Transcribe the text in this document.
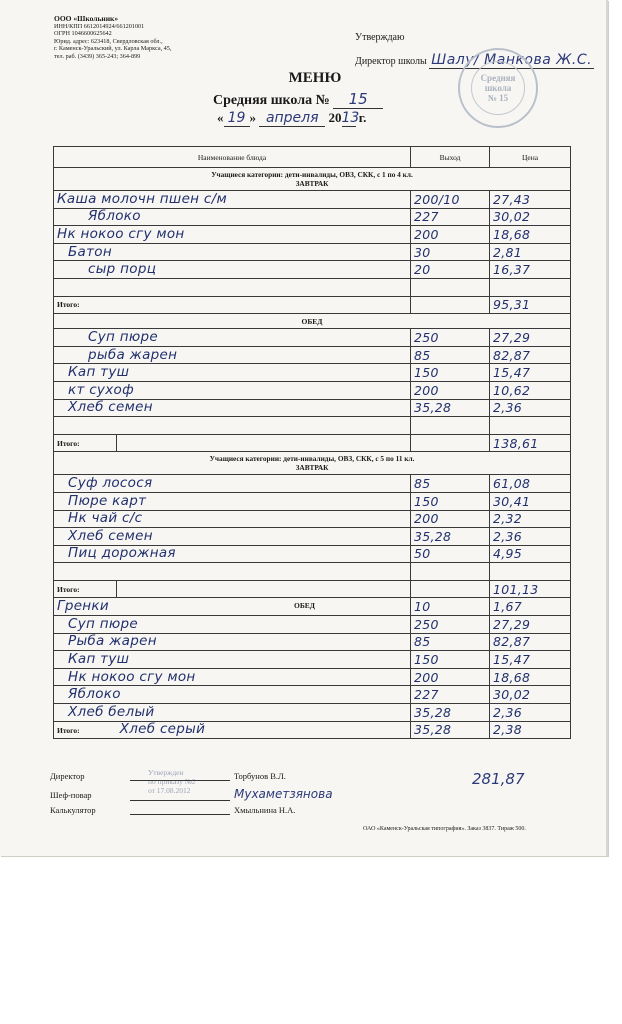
ООО «Школьник»
ИНН/КПП 6612014924/661201001
ОГРН 1046600625642
Юрид. адрес: 623418, Свердловская обл.,
г. Каменск-Уральский, ул. Карла Маркса, 45,
тел. раб. (3439) 365-243; 364-899
Утверждаю
Директор школы Шалу/ Манкова Ж.С.
Средняя
школа
№ 15
МЕНЮ
Средняя школа № 15
« 19 » апреля 2013 г.
Наименование блюда		Выход	Цена

Учащиеся категории: дети-инвалиды, ОВЗ, СКК, с 1 по 4 кл.
ЗАВТРАК			

Каша молочн пшен с/м		200/10	27,43
Яблоко		227	30,02
Нк нокоо сгу мон		200	18,68
Батон		30	2,81
сыр порц		20	16,37

Итого:			95,31
ОБЕД			
Суп пюре		250	27,29
рыба жарен		85	82,87
Кап туш		150	15,47
кт сухоф		200	10,62
Хлеб семен		35,28	2,36

Итого:			138,61

Учащиеся категории: дети-инвалиды, ОВЗ, СКК, с 5 по 11 кл.
ЗАВТРАК			

Суф лосося		85	61,08
Пюре карт		150	30,41
Нк чай с/с		200	2,32
Хлеб семен		35,28	2,36
Пиц дорожная		50	4,95

Итого:			101,13
Гренки ОБЕД		10	1,67
Суп пюре		250	27,29
Рыба жарен		85	82,87
Кап туш		150	15,47
Нк нокоо сгу мон		200	18,68
Яблоко		227	30,02
Хлеб белый		35,28	2,36
Итого: Хлеб серый		35,28	2,38
281,87
Утвержден
по приказу №2
от 17.08.2012
Директор	Торбунов В.Л.
Шеф-повар	Мухаметзянова
Калькулятор	Хмыльнина Н.А.
ОАО «Каменск-Уральская типография». Заказ 3837. Тираж 500.
